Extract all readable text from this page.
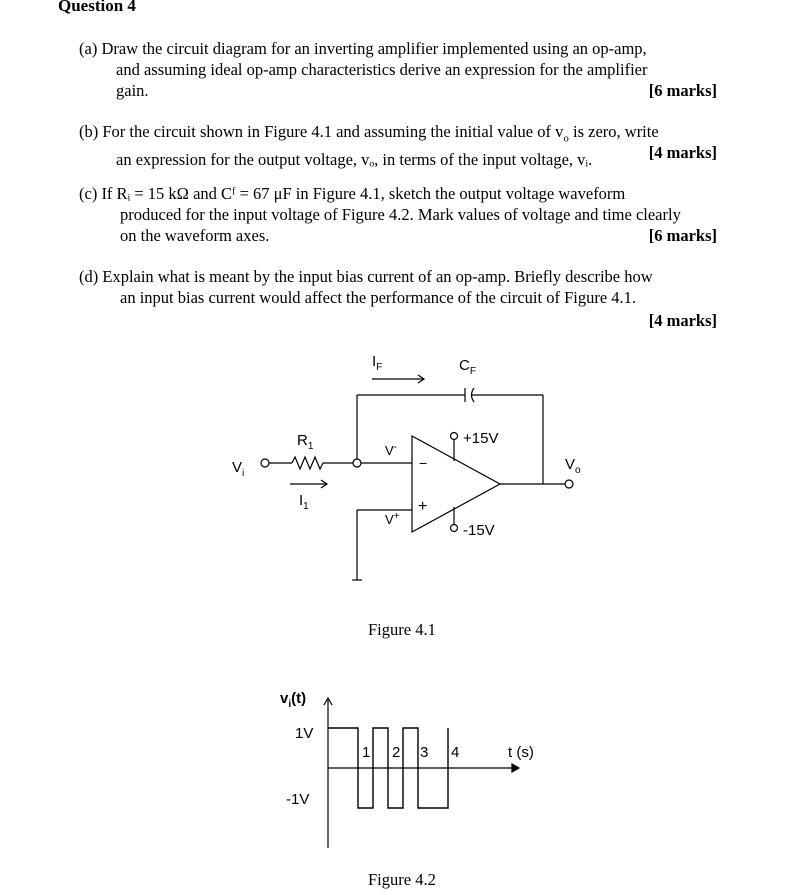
Question 4
(a) Draw the circuit diagram for an inverting amplifier implemented using an op-amp,
and assuming ideal op-amp characteristics derive an expression for the amplifier
gain.	[6 marks]
(b) For the circuit shown in Figure 4.1 and assuming the initial value of $v_o$ is zero, write
an expression for the output voltage, vₒ, in terms of the input voltage, vᵢ.	[4 marks]
(c) If Rᵢ = 15 kΩ and Cᶠ = 67 μF in Figure 4.1, sketch the output voltage waveform
produced for the input voltage of Figure 4.2. Mark values of voltage and time clearly
on the waveform axes.	[6 marks]
(d) Explain what is meant by the input bias current of an op-amp. Briefly describe how
an input bias current would affect the performance of the circuit of Figure 4.1.
[4 marks]
$I_F$	$C_F$
$R_1$
$V_i$
$I_1$
V-
V+
−
+
+15V
-15V
$V_o$
Figure 4.1
$v_i(t)$
1V
-1V
1 2 3 4	t (s)
Figure 4.2
